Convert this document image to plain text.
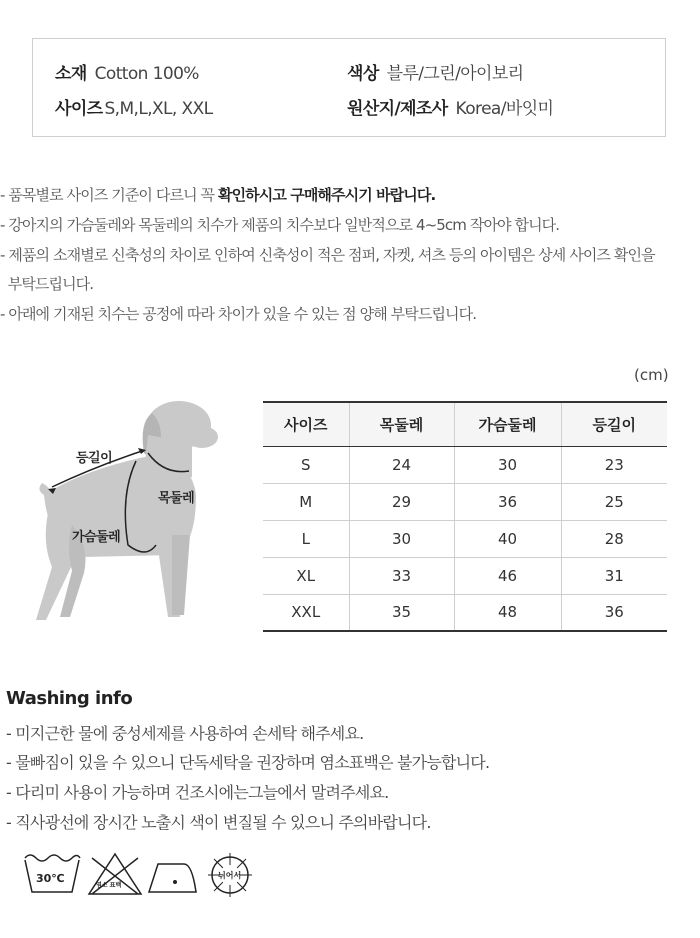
소재 Cotton 100%	색상 블루/그린/아이보리
사이즈 S,M,L,XL, XXL	원산지/제조사 Korea/바잇미
- 품목별로 사이즈 기준이 다르니 꼭 확인하시고 구매해주시기 바랍니다.
- 강아지의 가슴둘레와 목둘레의 치수가 제품의 치수보다 일반적으로 4~5cm 작아야 합니다.
- 제품의 소재별로 신축성의 차이로 인하여 신축성이 적은 점퍼, 자켓, 셔츠 등의 아이템은 상세 사이즈 확인을
부탁드립니다.
- 아래에 기재된 치수는 공정에 따라 차이가 있을 수 있는 점 양해 부탁드립니다.
(cm)
등길이
목둘레
가슴둘레
사이즈	목둘레	가슴둘레	등길이
S	24	30	23
M	29	36	25
L	30	40	28
XL	33	46	31
XXL	35	48	36
Washing info
- 미지근한 물에 중성세제를 사용하여 손세탁 해주세요.
- 물빠짐이 있을 수 있으니 단독세탁을 권장하며 염소표백은 불가능합니다.
- 다리미 사용이 가능하며 건조시에는그늘에서 말려주세요.
- 직사광선에 장시간 노출시 색이 변질될 수 있으니 주의바랍니다.
30℃
염소 표백
뉘어서
